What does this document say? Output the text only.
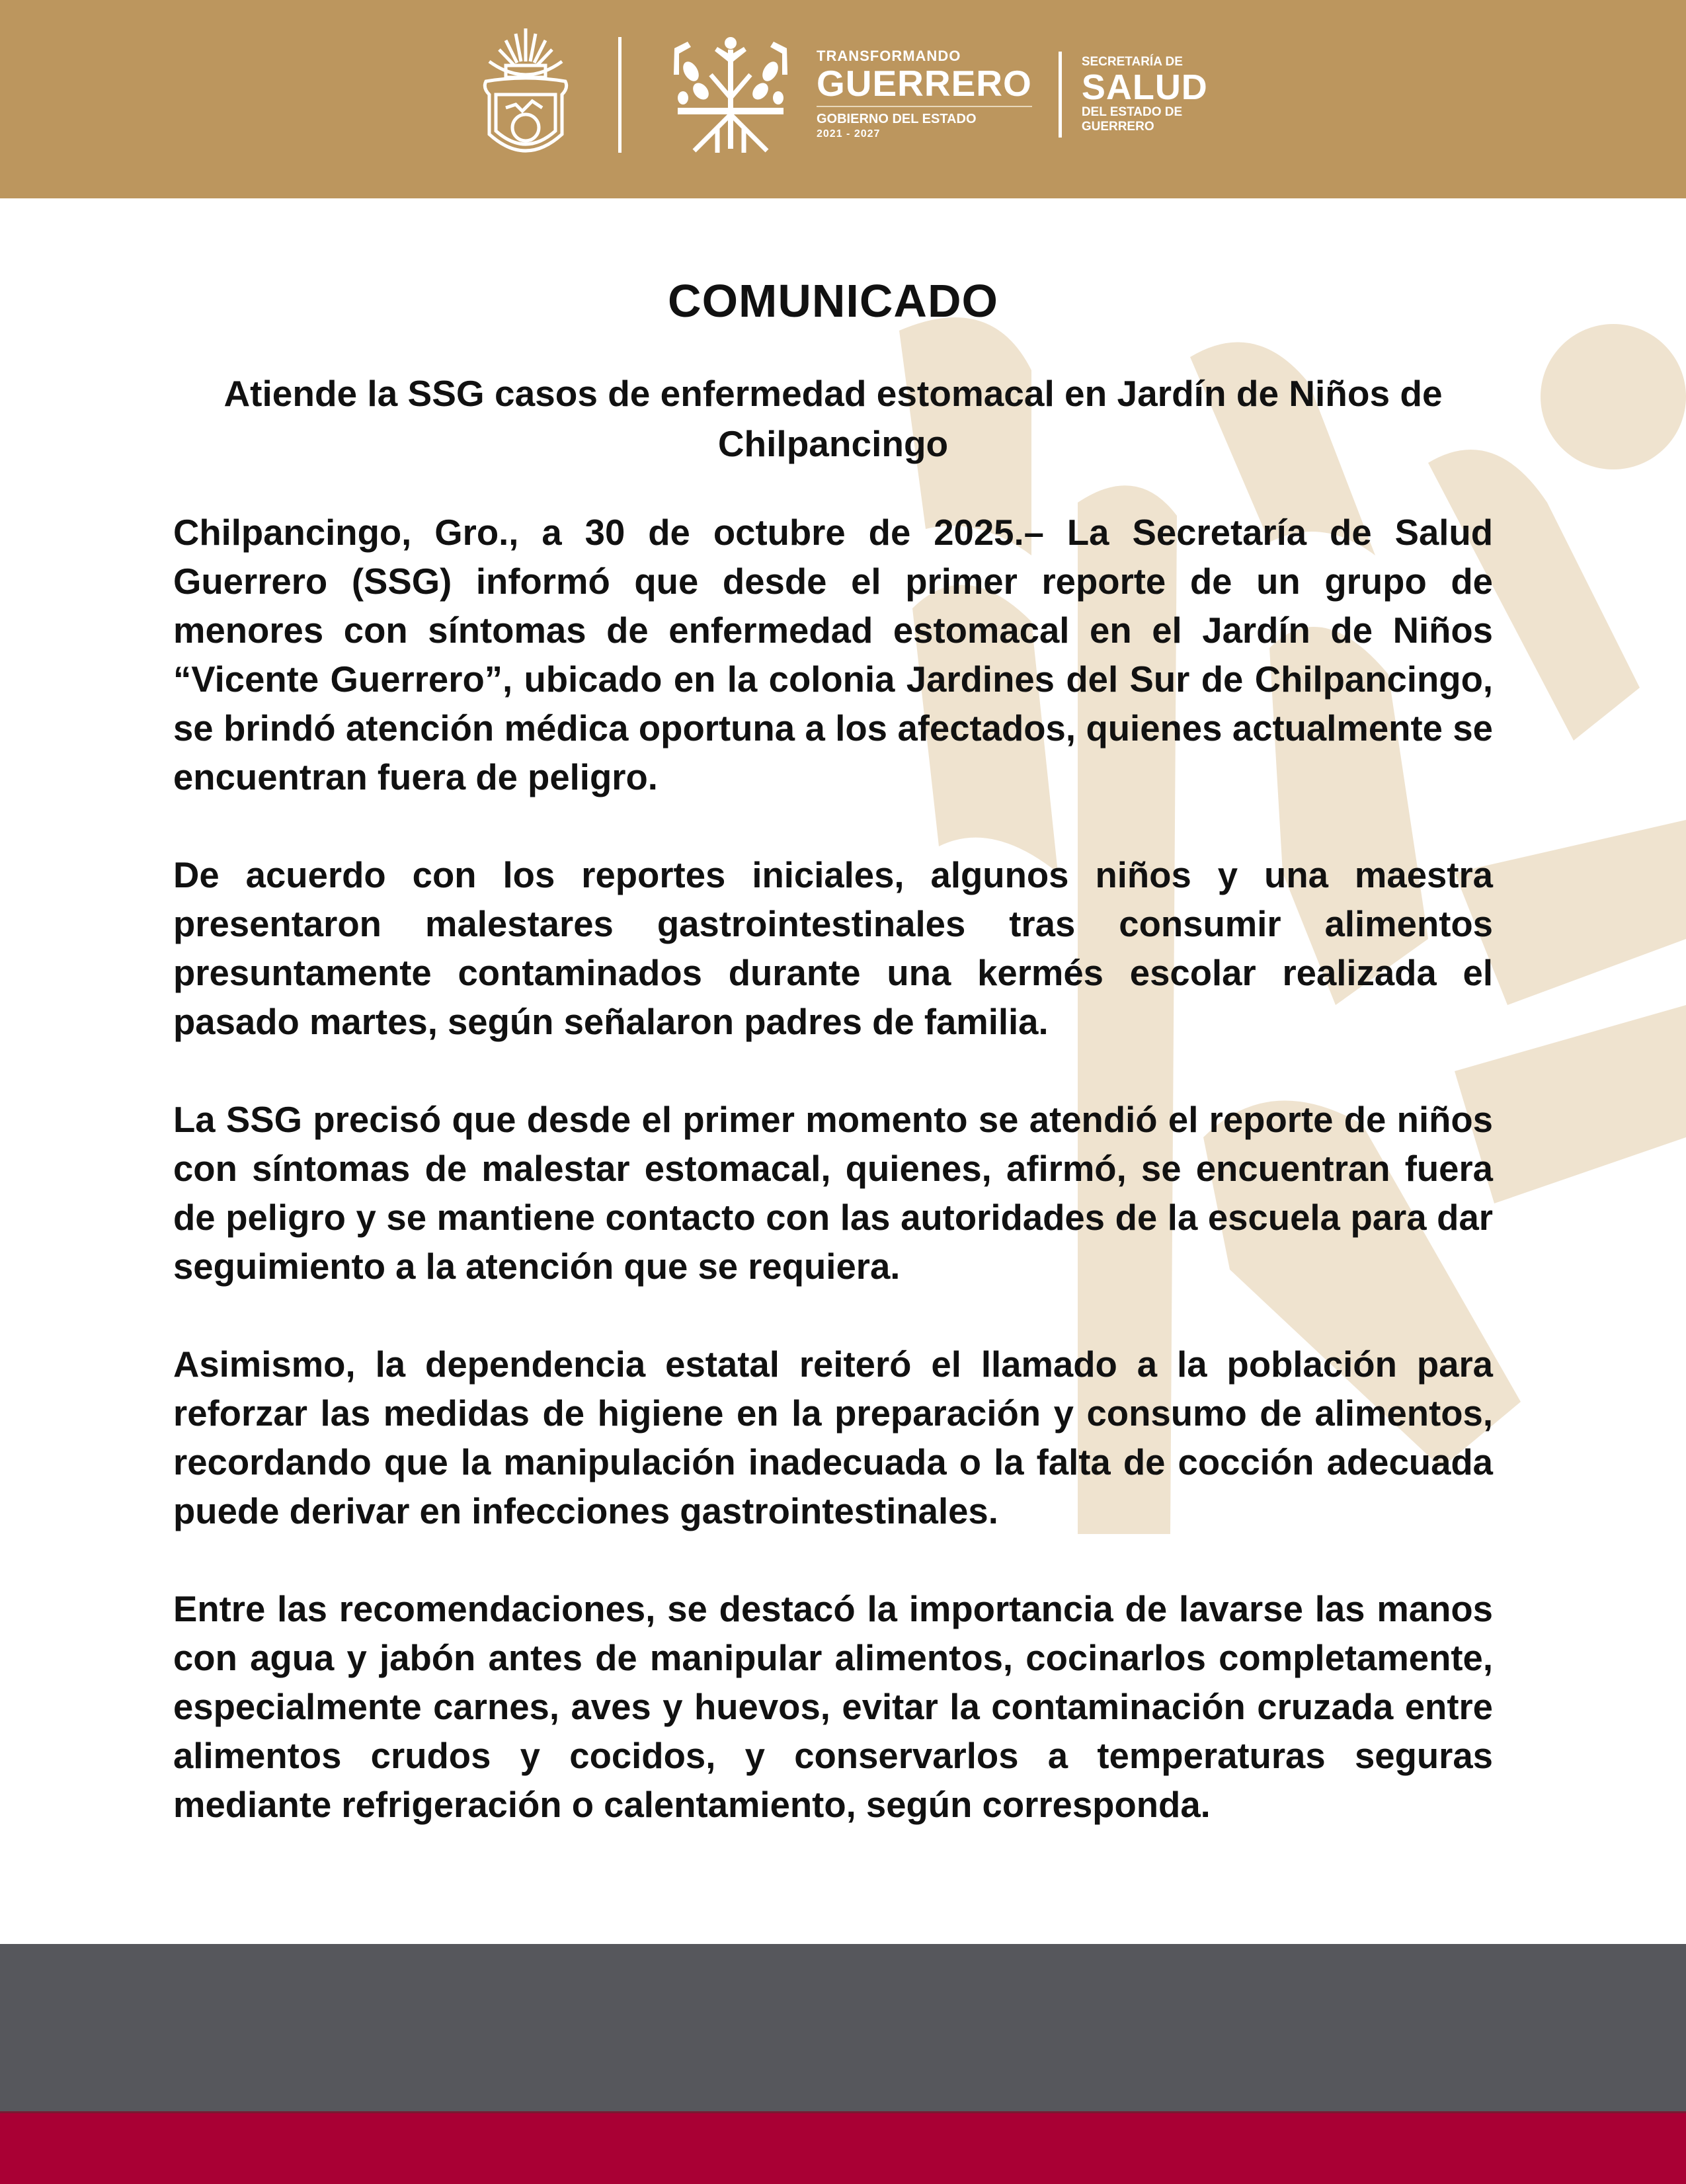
TRANSFORMANDO
GUERRERO
GOBIERNO DEL ESTADO
2021 - 2027
SECRETARÍA DE
SALUD
DEL ESTADO DE
GUERRERO
COMUNICADO
Atiende la SSG casos de enfermedad estomacal en Jardín de Niños de Chilpancingo

Chilpancingo, Gro., a 30 de octubre de 2025.– La Secretaría de Salud Guerrero (SSG) informó que desde el primer reporte de un grupo de menores con síntomas de enfermedad estomacal en el Jardín de Niños “Vicente Guerrero”, ubicado en la colonia Jardines del Sur de Chilpancingo, se brindó atención médica oportuna a los afectados, quienes actualmente se encuentran fuera de peligro.

De acuerdo con los reportes iniciales, algunos niños y una maestra presentaron malestares gastrointestinales tras consumir alimentos presuntamente contaminados durante una kermés escolar realizada el pasado martes, según señalaron padres de familia.

La SSG precisó que desde el primer momento se atendió el reporte de niños con síntomas de malestar estomacal, quienes, afirmó, se encuentran fuera de peligro y se mantiene contacto con las autoridades de la escuela para dar seguimiento a la atención que se requiera.

Asimismo, la dependencia estatal reiteró el llamado a la población para reforzar las medidas de higiene en la preparación y consumo de alimentos, recordando que la manipulación inadecuada o la falta de cocción adecuada puede derivar en infecciones gastrointestinales.

Entre las recomendaciones, se destacó la importancia de lavarse las manos con agua y jabón antes de manipular alimentos, cocinarlos completamente, especialmente carnes, aves y huevos, evitar la contaminación cruzada entre alimentos crudos y cocidos, y conservarlos a temperaturas seguras mediante refrigeración o calentamiento, según corresponda.
